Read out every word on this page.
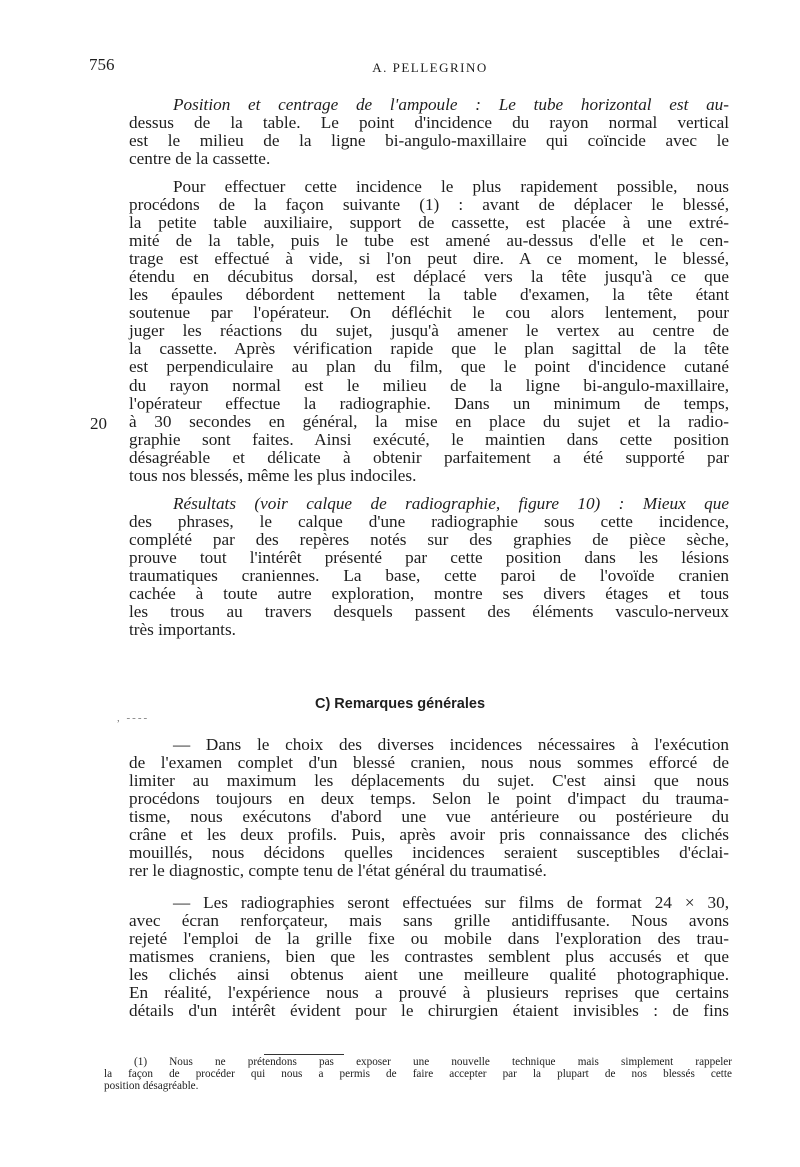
756	A. PELLEGRINO
Position et centrage de l'ampoule : Le tube horizontal est au-
dessus de la table. Le point d'incidence du rayon normal vertical
est le milieu de la ligne bi-angulo-maxillaire qui coïncide avec le
centre de la cassette.
Pour effectuer cette incidence le plus rapidement possible, nous
procédons de la façon suivante (1) : avant de déplacer le blessé,
la petite table auxiliaire, support de cassette, est placée à une extré-
mité de la table, puis le tube est amené au-dessus d'elle et le cen-
trage est effectué à vide, si l'on peut dire. A ce moment, le blessé,
étendu en décubitus dorsal, est déplacé vers la tête jusqu'à ce que
les épaules débordent nettement la table d'examen, la tête étant
soutenue par l'opérateur. On défléchit le cou alors lentement, pour
juger les réactions du sujet, jusqu'à amener le vertex au centre de
la cassette. Après vérification rapide que le plan sagittal de la tête
est perpendiculaire au plan du film, que le point d'incidence cutané
du rayon normal est le milieu de la ligne bi-angulo-maxillaire,
l'opérateur effectue la radiographie. Dans un minimum de temps,
à 30 secondes en général, la mise en place du sujet et la radio-
graphie sont faites. Ainsi exécuté, le maintien dans cette position
désagréable et délicate à obtenir parfaitement a été supporté par
tous nos blessés, même les plus indociles.
20
Résultats (voir calque de radiographie, figure 10) : Mieux que
des phrases, le calque d'une radiographie sous cette incidence,
complété par des repères notés sur des graphies de pièce sèche,
prouve tout l'intérêt présenté par cette position dans les lésions
traumatiques craniennes. La base, cette paroi de l'ovoïde cranien
cachée à toute autre exploration, montre ses divers étages et tous
les trous au travers desquels passent des éléments vasculo-nerveux
très importants.
C) Remarques générales
, ‐‐‐‐
— Dans le choix des diverses incidences nécessaires à l'exécution
de l'examen complet d'un blessé cranien, nous nous sommes efforcé de
limiter au maximum les déplacements du sujet. C'est ainsi que nous
procédons toujours en deux temps. Selon le point d'impact du trauma-
tisme, nous exécutons d'abord une vue antérieure ou postérieure du
crâne et les deux profils. Puis, après avoir pris connaissance des clichés
mouillés, nous décidons quelles incidences seraient susceptibles d'éclai-
rer le diagnostic, compte tenu de l'état général du traumatisé.
— Les radiographies seront effectuées sur films de format 24 × 30,
avec écran renforçateur, mais sans grille antidiffusante. Nous avons
rejeté l'emploi de la grille fixe ou mobile dans l'exploration des trau-
matismes craniens, bien que les contrastes semblent plus accusés et que
les clichés ainsi obtenus aient une meilleure qualité photographique.
En réalité, l'expérience nous a prouvé à plusieurs reprises que certains
détails d'un intérêt évident pour le chirurgien étaient invisibles : de fins
(1) Nous ne prétendons pas exposer une nouvelle technique mais simplement rappeler
la façon de procéder qui nous a permis de faire accepter par la plupart de nos blessés cette
position désagréable.
